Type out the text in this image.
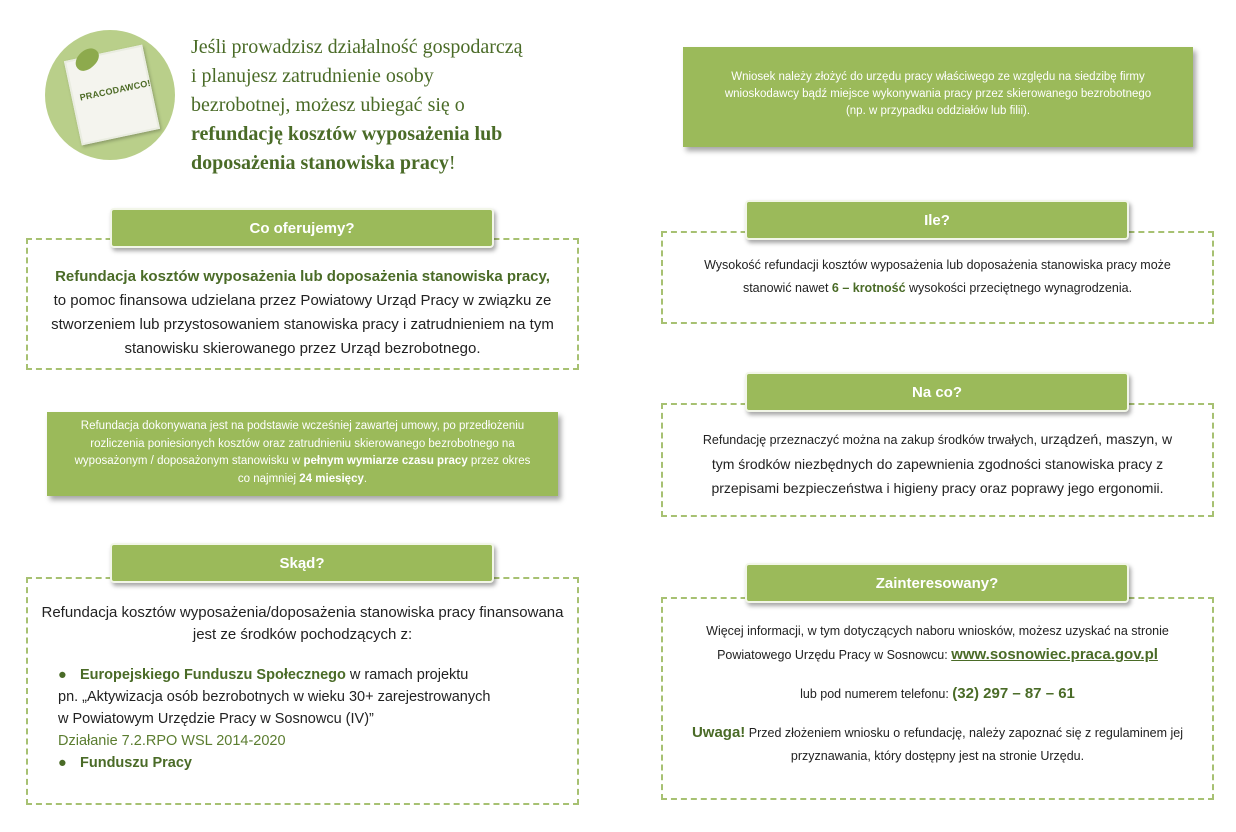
PRACODAWCO!
Jeśli prowadzisz działalność gospodarczą
i planujesz zatrudnienie osoby
bezrobotnej, możesz ubiegać się o
refundację kosztów wyposażenia lub
doposażenia stanowiska pracy!
Wniosek należy złożyć do urzędu pracy właściwego ze względu na siedzibę firmy
wnioskodawcy bądź miejsce wykonywania pracy przez skierowanego bezrobotnego
(np. w przypadku oddziałów lub filii).
Co oferujemy?
Refundacja kosztów wyposażenia lub doposażenia stanowiska pracy,
to pomoc finansowa udzielana przez Powiatowy Urząd Pracy w związku ze
stworzeniem lub przystosowaniem stanowiska pracy i zatrudnieniem na tym
stanowisku skierowanego przez Urząd bezrobotnego.
Refundacja dokonywana jest na podstawie wcześniej zawartej umowy, po przedłożeniu
rozliczenia poniesionych kosztów oraz zatrudnieniu skierowanego bezrobotnego na
wyposażonym / doposażonym stanowisku w pełnym wymiarze czasu pracy przez okres
co najmniej 24 miesięcy.
Skąd?
Refundacja kosztów wyposażenia/doposażenia stanowiska pracy finansowana
jest ze środków pochodzących z:
● Europejskiego Funduszu Społecznego w ramach projektu
pn. „Aktywizacja osób bezrobotnych w wieku 30+ zarejestrowanych
w Powiatowym Urzędzie Pracy w Sosnowcu (IV)”
Działanie 7.2.RPO WSL 2014-2020
● Funduszu Pracy
Ile?
Wysokość refundacji kosztów wyposażenia lub doposażenia stanowiska pracy może
stanowić nawet 6 – krotność wysokości przeciętnego wynagrodzenia.
Na co?
Refundację przeznaczyć można na zakup środków trwałych, urządzeń, maszyn, w
tym środków niezbędnych do zapewnienia zgodności stanowiska pracy z
przepisami bezpieczeństwa i higieny pracy oraz poprawy jego ergonomii.
Zainteresowany?
Więcej informacji, w tym dotyczących naboru wniosków, możesz uzyskać na stronie
Powiatowego Urzędu Pracy w Sosnowcu: www.sosnowiec.praca.gov.pl
lub pod numerem telefonu: (32) 297 – 87 – 61
Uwaga! Przed złożeniem wniosku o refundację, należy zapoznać się z regulaminem jej
przyznawania, który dostępny jest na stronie Urzędu.
